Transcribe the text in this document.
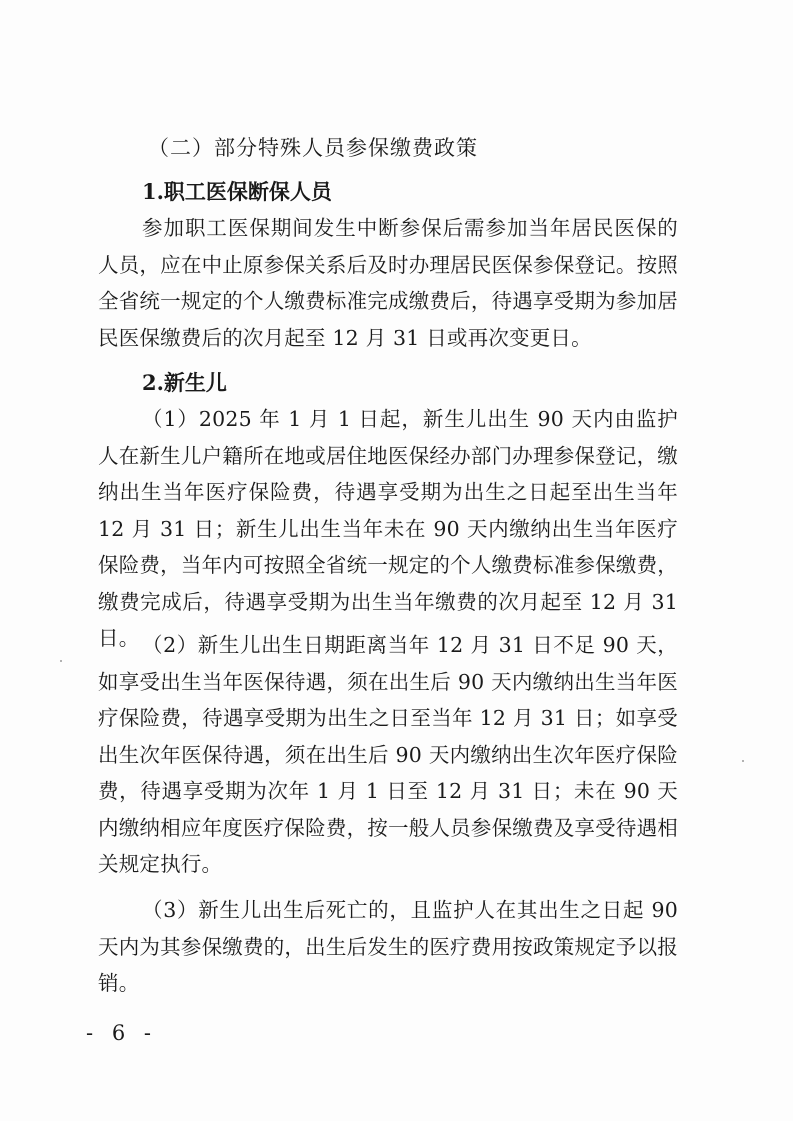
（二）部分特殊人员参保缴费政策
1.职工医保断保人员

参加职工医保期间发生中断参保后需参加当年居民医保的人员，应在中止原参保关系后及时办理居民医保参保登记。按照全省统一规定的个人缴费标准完成缴费后，待遇享受期为参加居民医保缴费后的次月起至 12 月 31 日或再次变更日。

2.新生儿

（1）2025 年 1 月 1 日起，新生儿出生 90 天内由监护人在新生儿户籍所在地或居住地医保经办部门办理参保登记，缴纳出生当年医疗保险费，待遇享受期为出生之日起至出生当年 12 月 31 日；新生儿出生当年未在 90 天内缴纳出生当年医疗保险费，当年内可按照全省统一规定的个人缴费标准参保缴费，缴费完成后，待遇享受期为出生当年缴费的次月起至 12 月 31 日。 （2）新生儿出生日期距离当年 12 月 31 日不足 90 天，如享受出生当年医保待遇，须在出生后 90 天内缴纳出生当年医疗保险费，待遇享受期为出生之日至当年 12 月 31 日；如享受出生次年医保待遇，须在出生后 90 天内缴纳出生次年医疗保险费，待遇享受期为次年 1 月 1 日至 12 月 31 日；未在 90 天内缴纳相应年度医疗保险费，按一般人员参保缴费及享受待遇相关规定执行。

（3）新生儿出生后死亡的，且监护人在其出生之日起 90 天内为其参保缴费的，出生后发生的医疗费用按政策规定予以报销。

- 6 -
